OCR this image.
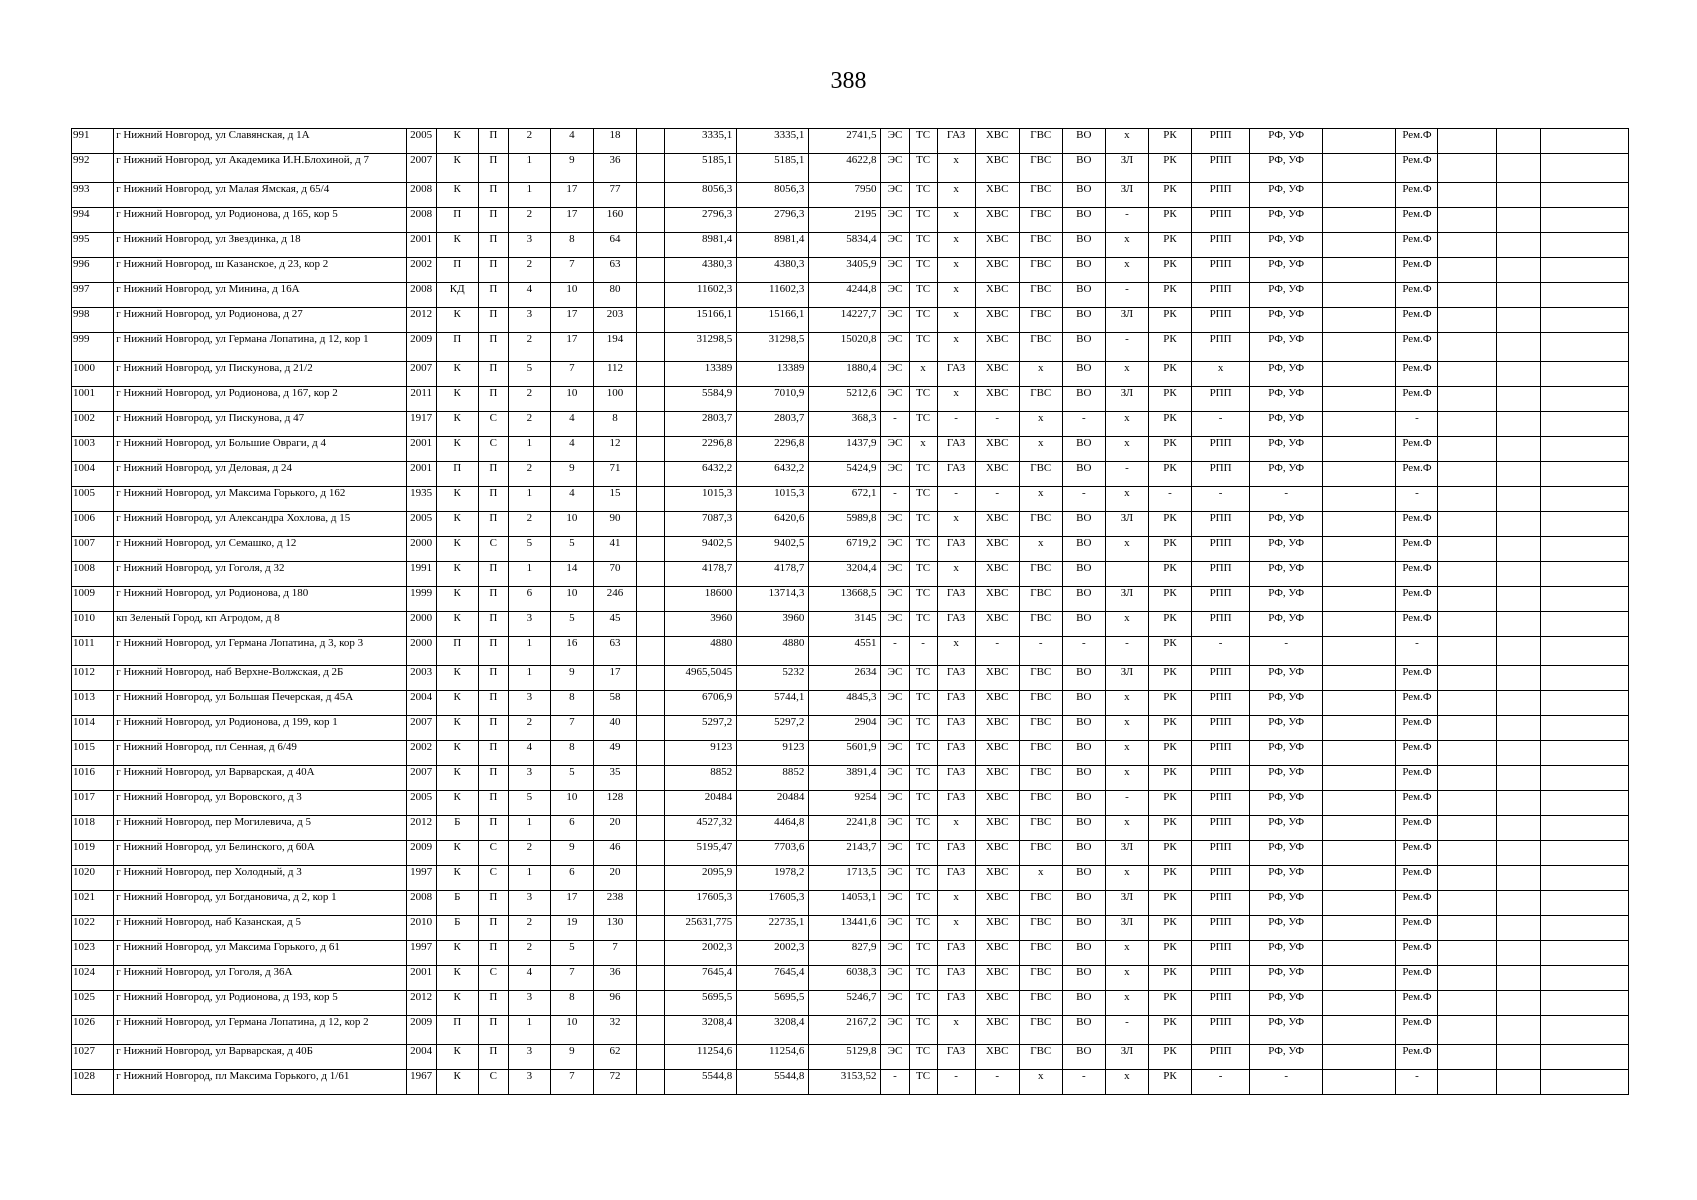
388
991	г Нижний Новгород, ул Славянская, д 1А	2005	К	П	2	4	18		3335,1	3335,1	2741,5	ЭС	ТС	ГАЗ	ХВС	ГВС	ВО	х	РК	РПП	РФ, УФ		Рем.Ф			
992	г Нижний Новгород, ул Академика И.Н.Блохиной, д 7	2007	К	П	1	9	36		5185,1	5185,1	4622,8	ЭС	ТС	х	ХВС	ГВС	ВО	ЗЛ	РК	РПП	РФ, УФ		Рем.Ф			
993	г Нижний Новгород, ул Малая Ямская, д 65/4	2008	К	П	1	17	77		8056,3	8056,3	7950	ЭС	ТС	х	ХВС	ГВС	ВО	ЗЛ	РК	РПП	РФ, УФ		Рем.Ф			
994	г Нижний Новгород, ул Родионова, д 165, кор 5	2008	П	П	2	17	160		2796,3	2796,3	2195	ЭС	ТС	х	ХВС	ГВС	ВО	-	РК	РПП	РФ, УФ		Рем.Ф			
995	г Нижний Новгород, ул Звездинка, д 18	2001	К	П	3	8	64		8981,4	8981,4	5834,4	ЭС	ТС	х	ХВС	ГВС	ВО	х	РК	РПП	РФ, УФ		Рем.Ф			
996	г Нижний Новгород, ш Казанское, д 23, кор 2	2002	П	П	2	7	63		4380,3	4380,3	3405,9	ЭС	ТС	х	ХВС	ГВС	ВО	х	РК	РПП	РФ, УФ		Рем.Ф			
997	г Нижний Новгород, ул Минина, д 16А	2008	КД	П	4	10	80		11602,3	11602,3	4244,8	ЭС	ТС	х	ХВС	ГВС	ВО	-	РК	РПП	РФ, УФ		Рем.Ф			
998	г Нижний Новгород, ул Родионова, д 27	2012	К	П	3	17	203		15166,1	15166,1	14227,7	ЭС	ТС	х	ХВС	ГВС	ВО	ЗЛ	РК	РПП	РФ, УФ		Рем.Ф			
999	г Нижний Новгород, ул Германа Лопатина, д 12, кор 1	2009	П	П	2	17	194		31298,5	31298,5	15020,8	ЭС	ТС	х	ХВС	ГВС	ВО	-	РК	РПП	РФ, УФ		Рем.Ф			
1000	г Нижний Новгород, ул Пискунова, д 21/2	2007	К	П	5	7	112		13389	13389	1880,4	ЭС	х	ГАЗ	ХВС	х	ВО	х	РК	х	РФ, УФ		Рем.Ф			
1001	г Нижний Новгород, ул Родионова, д 167, кор 2	2011	К	П	2	10	100		5584,9	7010,9	5212,6	ЭС	ТС	х	ХВС	ГВС	ВО	ЗЛ	РК	РПП	РФ, УФ		Рем.Ф			
1002	г Нижний Новгород, ул Пискунова, д 47	1917	К	С	2	4	8		2803,7	2803,7	368,3	-	ТС	-	-	х	-	х	РК	-	РФ, УФ		-			
1003	г Нижний Новгород, ул Большие Овраги, д 4	2001	К	С	1	4	12		2296,8	2296,8	1437,9	ЭС	х	ГАЗ	ХВС	х	ВО	х	РК	РПП	РФ, УФ		Рем.Ф			
1004	г Нижний Новгород, ул Деловая, д 24	2001	П	П	2	9	71		6432,2	6432,2	5424,9	ЭС	ТС	ГАЗ	ХВС	ГВС	ВО	-	РК	РПП	РФ, УФ		Рем.Ф			
1005	г Нижний Новгород, ул Максима Горького, д 162	1935	К	П	1	4	15		1015,3	1015,3	672,1	-	ТС	-	-	х	-	х	-	-	-		-			
1006	г Нижний Новгород, ул Александра Хохлова, д 15	2005	К	П	2	10	90		7087,3	6420,6	5989,8	ЭС	ТС	х	ХВС	ГВС	ВО	ЗЛ	РК	РПП	РФ, УФ		Рем.Ф			
1007	г Нижний Новгород, ул Семашко, д 12	2000	К	С	5	5	41		9402,5	9402,5	6719,2	ЭС	ТС	ГАЗ	ХВС	х	ВО	х	РК	РПП	РФ, УФ		Рем.Ф			
1008	г Нижний Новгород, ул Гоголя, д 32	1991	К	П	1	14	70		4178,7	4178,7	3204,4	ЭС	ТС	х	ХВС	ГВС	ВО		РК	РПП	РФ, УФ		Рем.Ф			
1009	г Нижний Новгород, ул Родионова, д 180	1999	К	П	6	10	246		18600	13714,3	13668,5	ЭС	ТС	ГАЗ	ХВС	ГВС	ВО	ЗЛ	РК	РПП	РФ, УФ		Рем.Ф			
1010	кп Зеленый Город, кп Агродом, д 8	2000	К	П	3	5	45		3960	3960	3145	ЭС	ТС	ГАЗ	ХВС	ГВС	ВО	х	РК	РПП	РФ, УФ		Рем.Ф			
1011	г Нижний Новгород, ул Германа Лопатина, д 3, кор 3	2000	П	П	1	16	63		4880	4880	4551	-	-	х	-	-	-	-	РК	-	-		-			
1012	г Нижний Новгород, наб Верхне-Волжская, д 2Б	2003	К	П	1	9	17		4965,5045	5232	2634	ЭС	ТС	ГАЗ	ХВС	ГВС	ВО	ЗЛ	РК	РПП	РФ, УФ		Рем.Ф			
1013	г Нижний Новгород, ул Большая Печерская, д 45А	2004	К	П	3	8	58		6706,9	5744,1	4845,3	ЭС	ТС	ГАЗ	ХВС	ГВС	ВО	х	РК	РПП	РФ, УФ		Рем.Ф			
1014	г Нижний Новгород, ул Родионова, д 199, кор 1	2007	К	П	2	7	40		5297,2	5297,2	2904	ЭС	ТС	ГАЗ	ХВС	ГВС	ВО	х	РК	РПП	РФ, УФ		Рем.Ф			
1015	г Нижний Новгород, пл Сенная, д 6/49	2002	К	П	4	8	49		9123	9123	5601,9	ЭС	ТС	ГАЗ	ХВС	ГВС	ВО	х	РК	РПП	РФ, УФ		Рем.Ф			
1016	г Нижний Новгород, ул Варварская, д 40А	2007	К	П	3	5	35		8852	8852	3891,4	ЭС	ТС	ГАЗ	ХВС	ГВС	ВО	х	РК	РПП	РФ, УФ		Рем.Ф			
1017	г Нижний Новгород, ул Воровского, д 3	2005	К	П	5	10	128		20484	20484	9254	ЭС	ТС	ГАЗ	ХВС	ГВС	ВО	-	РК	РПП	РФ, УФ		Рем.Ф			
1018	г Нижний Новгород, пер Могилевича, д 5	2012	Б	П	1	6	20		4527,32	4464,8	2241,8	ЭС	ТС	х	ХВС	ГВС	ВО	х	РК	РПП	РФ, УФ		Рем.Ф			
1019	г Нижний Новгород, ул Белинского, д 60А	2009	К	С	2	9	46		5195,47	7703,6	2143,7	ЭС	ТС	ГАЗ	ХВС	ГВС	ВО	ЗЛ	РК	РПП	РФ, УФ		Рем.Ф			
1020	г Нижний Новгород, пер Холодный, д 3	1997	К	С	1	6	20		2095,9	1978,2	1713,5	ЭС	ТС	ГАЗ	ХВС	х	ВО	х	РК	РПП	РФ, УФ		Рем.Ф			
1021	г Нижний Новгород, ул Богдановича, д 2, кор 1	2008	Б	П	3	17	238		17605,3	17605,3	14053,1	ЭС	ТС	х	ХВС	ГВС	ВО	ЗЛ	РК	РПП	РФ, УФ		Рем.Ф			
1022	г Нижний Новгород, наб Казанская, д 5	2010	Б	П	2	19	130		25631,775	22735,1	13441,6	ЭС	ТС	х	ХВС	ГВС	ВО	ЗЛ	РК	РПП	РФ, УФ		Рем.Ф			
1023	г Нижний Новгород, ул Максима Горького, д 61	1997	К	П	2	5	7		2002,3	2002,3	827,9	ЭС	ТС	ГАЗ	ХВС	ГВС	ВО	х	РК	РПП	РФ, УФ		Рем.Ф			
1024	г Нижний Новгород, ул Гоголя, д 36А	2001	К	С	4	7	36		7645,4	7645,4	6038,3	ЭС	ТС	ГАЗ	ХВС	ГВС	ВО	х	РК	РПП	РФ, УФ		Рем.Ф			
1025	г Нижний Новгород, ул Родионова, д 193, кор 5	2012	К	П	3	8	96		5695,5	5695,5	5246,7	ЭС	ТС	ГАЗ	ХВС	ГВС	ВО	х	РК	РПП	РФ, УФ		Рем.Ф			
1026	г Нижний Новгород, ул Германа Лопатина, д 12, кор 2	2009	П	П	1	10	32		3208,4	3208,4	2167,2	ЭС	ТС	х	ХВС	ГВС	ВО	-	РК	РПП	РФ, УФ		Рем.Ф			
1027	г Нижний Новгород, ул Варварская, д 40Б	2004	К	П	3	9	62		11254,6	11254,6	5129,8	ЭС	ТС	ГАЗ	ХВС	ГВС	ВО	ЗЛ	РК	РПП	РФ, УФ		Рем.Ф			
1028	г Нижний Новгород, пл Максима Горького, д 1/61	1967	К	С	3	7	72		5544,8	5544,8	3153,52	-	ТС	-	-	х	-	х	РК	-	-		-			
